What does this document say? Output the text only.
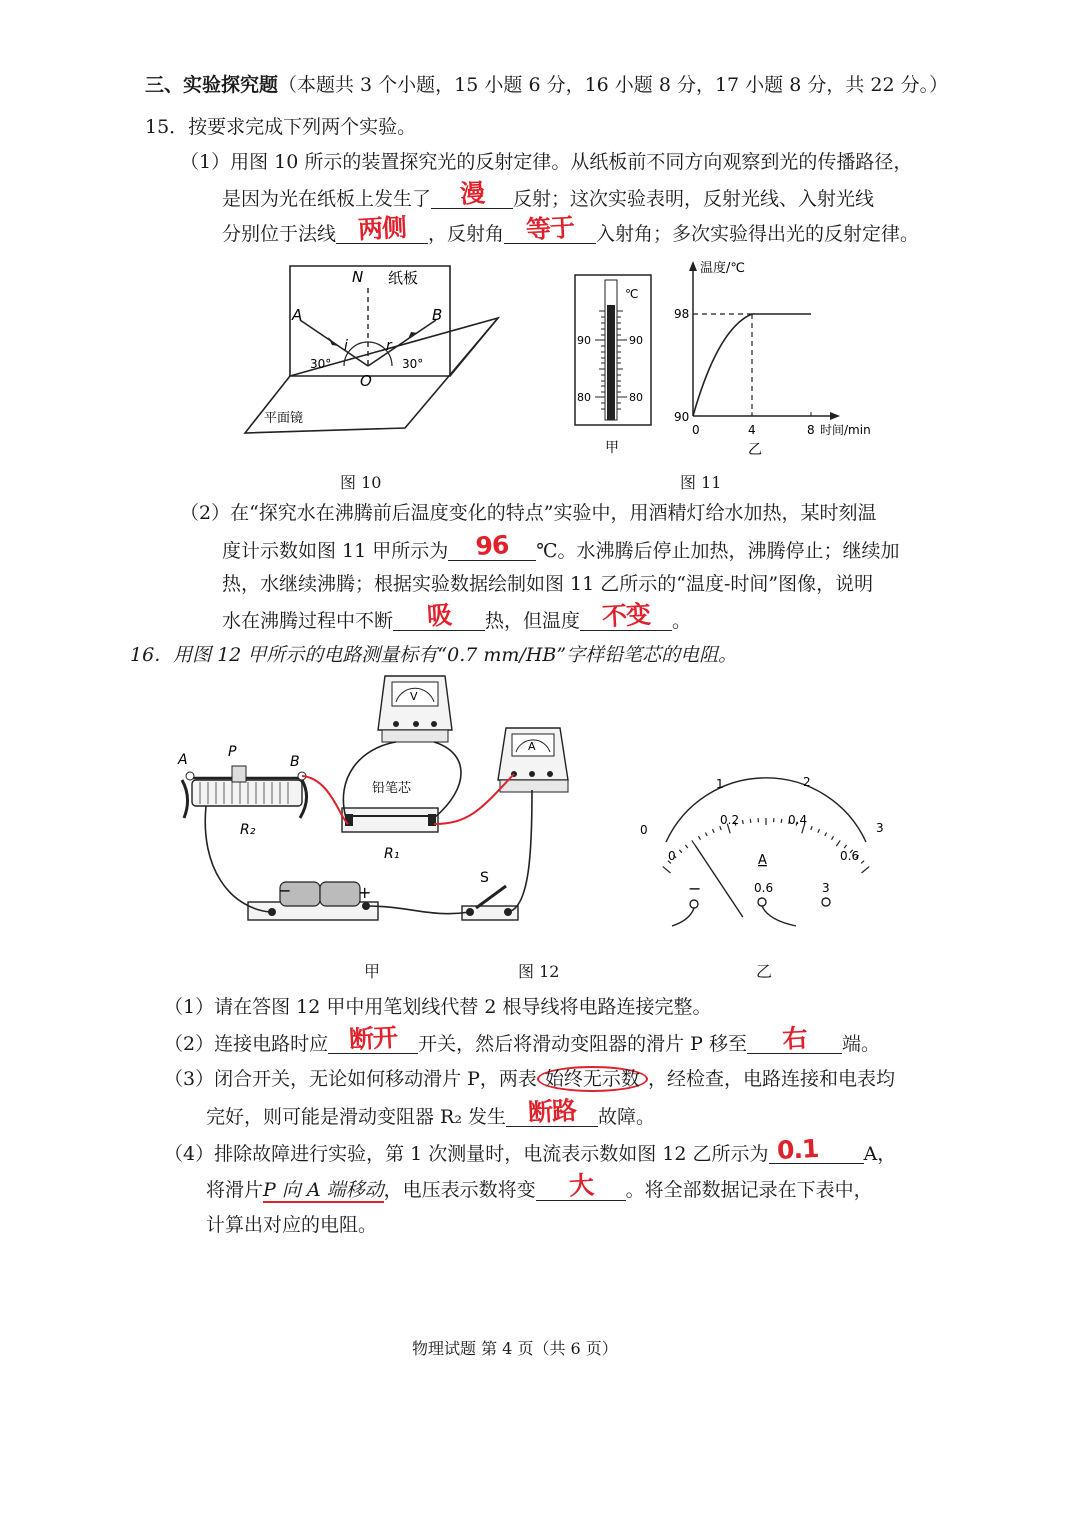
三、实验探究题（本题共 3 个小题，15 小题 6 分，16 小题 8 分，17 小题 8 分，共 22 分。）
15．按要求完成下列两个实验。
（1）用图 10 所示的装置探究光的反射定律。从纸板前不同方向观察到光的传播路径，
是因为光在纸板上发生了	漫	反射；这次实验表明，反射光线、入射光线
分别位于法线 两侧	，反射角 等于	入射角；多次实验得出光的反射定律。
N 纸板
A	B
i	r
30°	30°
O
平面镜
图 10
℃
90	90
80	80
甲
温度/℃
98
90
0	4	8 时间/min
乙
图 11
（2）在“探究水在沸腾前后温度变化的特点”实验中，用酒精灯给水加热，某时刻温
度计示数如图 11 甲所示为	96	℃。水沸腾后停止加热，沸腾停止；继续加
热，水继续沸腾；根据实验数据绘制如图 11 乙所示的“温度-时间”图像，说明
水在沸腾过程中不断	吸	热，但温度 不变	。
16．用图 12 甲所示的电路测量标有“0.7 mm/HB”字样铅笔芯的电阻。
V
A
A	P
B
R₂
铅笔芯
R₁
−	+
S
0
1	2
3
0
0.2	0.4
0.6
A
−	0.6	3
甲	图 12	乙
（1）请在答图 12 甲中用笔划线代替 2 根导线将电路连接完整。
（2）连接电路时应 断开	开关，然后将滑动变阻器的滑片 P 移至	右	端。
（3）闭合开关，无论如何移动滑片 P，两表 始终无示数 ，经检查，电路连接和电表均
完好，则可能是滑动变阻器 R₂ 发生 断路	故障。
（4）排除故障进行实验，第 1 次测量时，电流表示数如图 12 乙所示为 0.1	A，
将滑片P 向 A 端移动，电压表示数将变	大	。将全部数据记录在下表中，
计算出对应的电阻。
物理试题 第 4 页（共 6 页）
